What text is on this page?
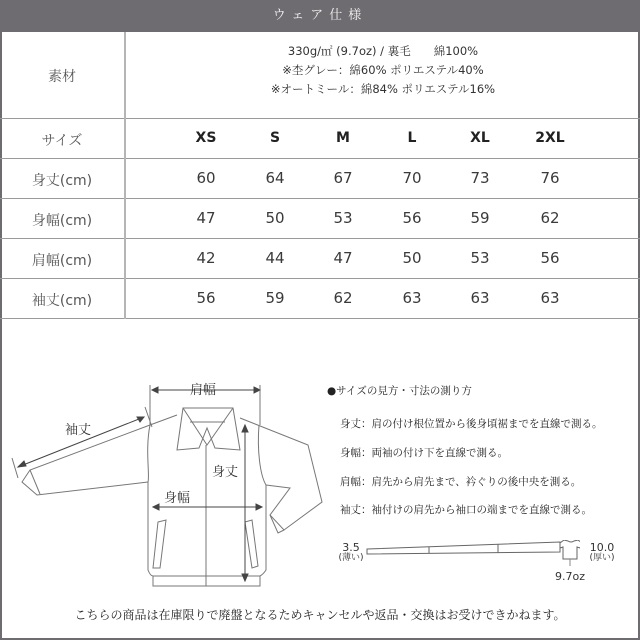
ウェア仕様
素材
330g/㎡ (9.7oz) / 裏毛　　綿100%
※杢グレー：綿60% ポリエステル40%
※オートミール：綿84% ポリエステル16%
サイズ	XS	S	M	L	XL	2XL
身丈(cm)	60	64	67	70	73	76
身幅(cm)	47	50	53	56	59	62
肩幅(cm)	42	44	47	50	53	56
袖丈(cm)	56	59	62	63	63	63
肩幅
袖丈
身丈
身幅
●サイズの見方・寸法の測り方
身丈：肩の付け根位置から後身頃裾までを直線で測る。
身幅：両袖の付け下を直線で測る。
肩幅：肩先から肩先まで、衿ぐりの後中央を測る。
袖丈：袖付けの肩先から袖口の端までを直線で測る。
3.5
(薄い)
10.0
(厚い)
9.7oz
こちらの商品は在庫限りで廃盤となるためキャンセルや返品・交換はお受けできかねます。
